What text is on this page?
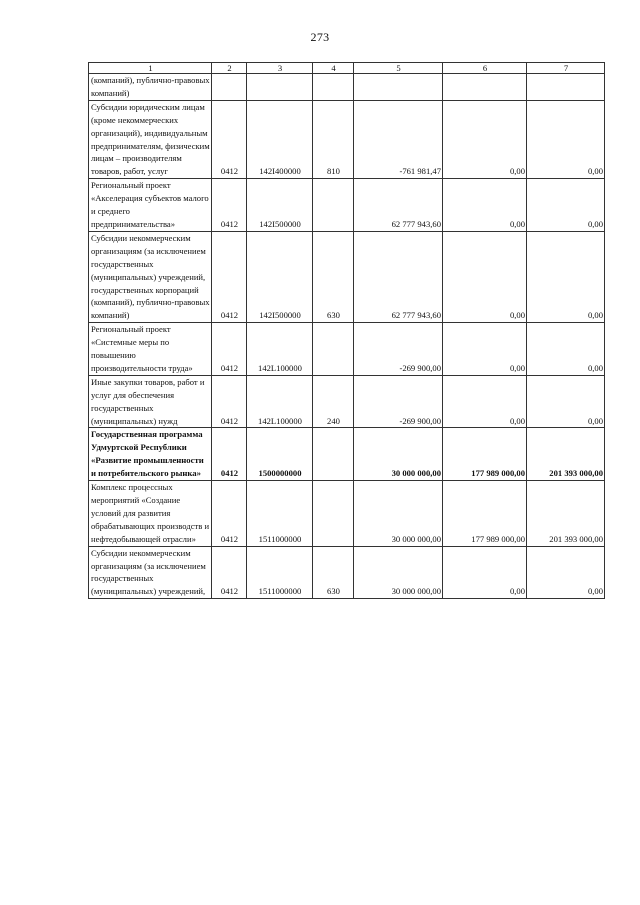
273
1	2	3	4	5	6	7
(компаний), публично-правовых компаний)						
Субсидии юридическим лицам (кроме некоммерческих организаций), индивидуальным предпринимателям, физическим лицам – производителям товаров, работ, услуг	0412	142I400000	810	-761 981,47	0,00	0,00
Региональный проект «Акселерация субъектов малого и среднего предпринимательства»	0412	142I500000		62 777 943,60	0,00	0,00
Субсидии некоммерческим организациям (за исключением государственных (муниципальных) учреждений, государственных корпораций (компаний), публично-правовых компаний)	0412	142I500000	630	62 777 943,60	0,00	0,00
Региональный проект «Системные меры по повышению производительности труда»	0412	142L100000		-269 900,00	0,00	0,00
Иные закупки товаров, работ и услуг для обеспечения государственных (муниципальных) нужд	0412	142L100000	240	-269 900,00	0,00	0,00
Государственная программа Удмуртской Республики «Развитие промышленности и потребительского рынка»	0412	1500000000		30 000 000,00	177 989 000,00	201 393 000,00
Комплекс процессных мероприятий «Создание условий для развития обрабатывающих производств и нефтедобывающей отрасли»	0412	1511000000		30 000 000,00	177 989 000,00	201 393 000,00
Субсидии некоммерческим организациям (за исключением государственных (муниципальных) учреждений,	0412	1511000000	630	30 000 000,00	0,00	0,00
